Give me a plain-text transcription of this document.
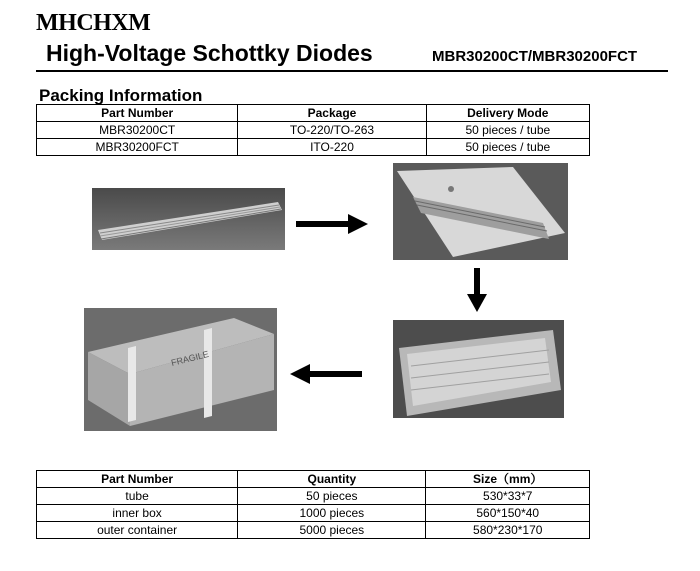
MHCHXM
High-Voltage Schottky Diodes	MBR30200CT/MBR30200FCT
Packing Information
Part Number	Package	Delivery Mode
MBR30200CT	TO-220/TO-263	50 pieces / tube
MBR30200FCT	ITO-220	50 pieces / tube
FRAGILE
Part Number	Quantity	Size（mm）
tube	50 pieces	530*33*7
inner box	1000 pieces	560*150*40
outer container	5000 pieces	580*230*170
